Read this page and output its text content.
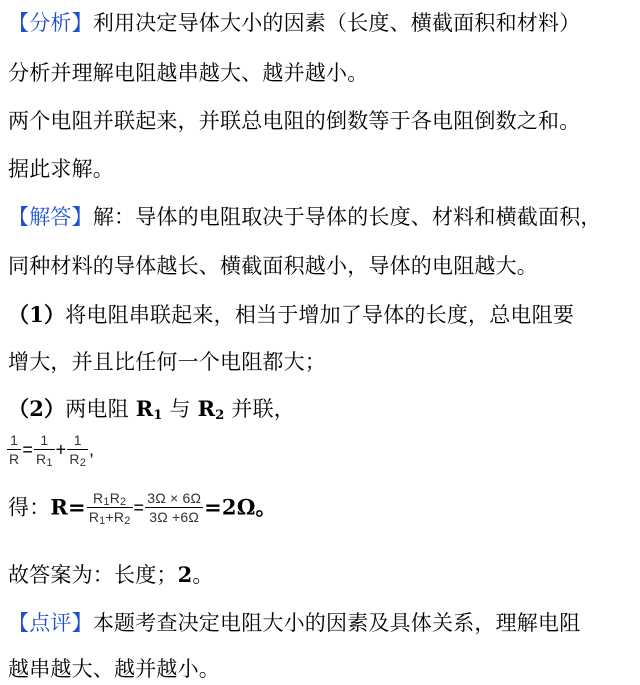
【分析】利用决定导体大小的因素（长度、横截面积和材料）
分析并理解电阻越串越大、越并越小。
两个电阻并联起来，并联总电阻的倒数等于各电阻倒数之和。
据此求解。
【解答】解：导体的电阻取决于导体的长度、材料和横截面积，
同种材料的导体越长、横截面积越小，导体的电阻越大。
（1）将电阻串联起来，相当于增加了导体的长度，总电阻要
增大，并且比任何一个电阻都大；
（2）两电阻 $R_1$ 与 $R_2$ 并联，
$\frac{1}{R} = \frac{1}{R_1} + \frac{1}{R_2}$ ,
得：$R= \frac{R_1R_2}{R_1+R_2} = \frac{3\Omega \times 6\Omega}{3\Omega +6\Omega} =2\Omega$。
故答案为：长度；2。
【点评】本题考查决定电阻大小的因素及具体关系，理解电阻
越串越大、越并越小。
